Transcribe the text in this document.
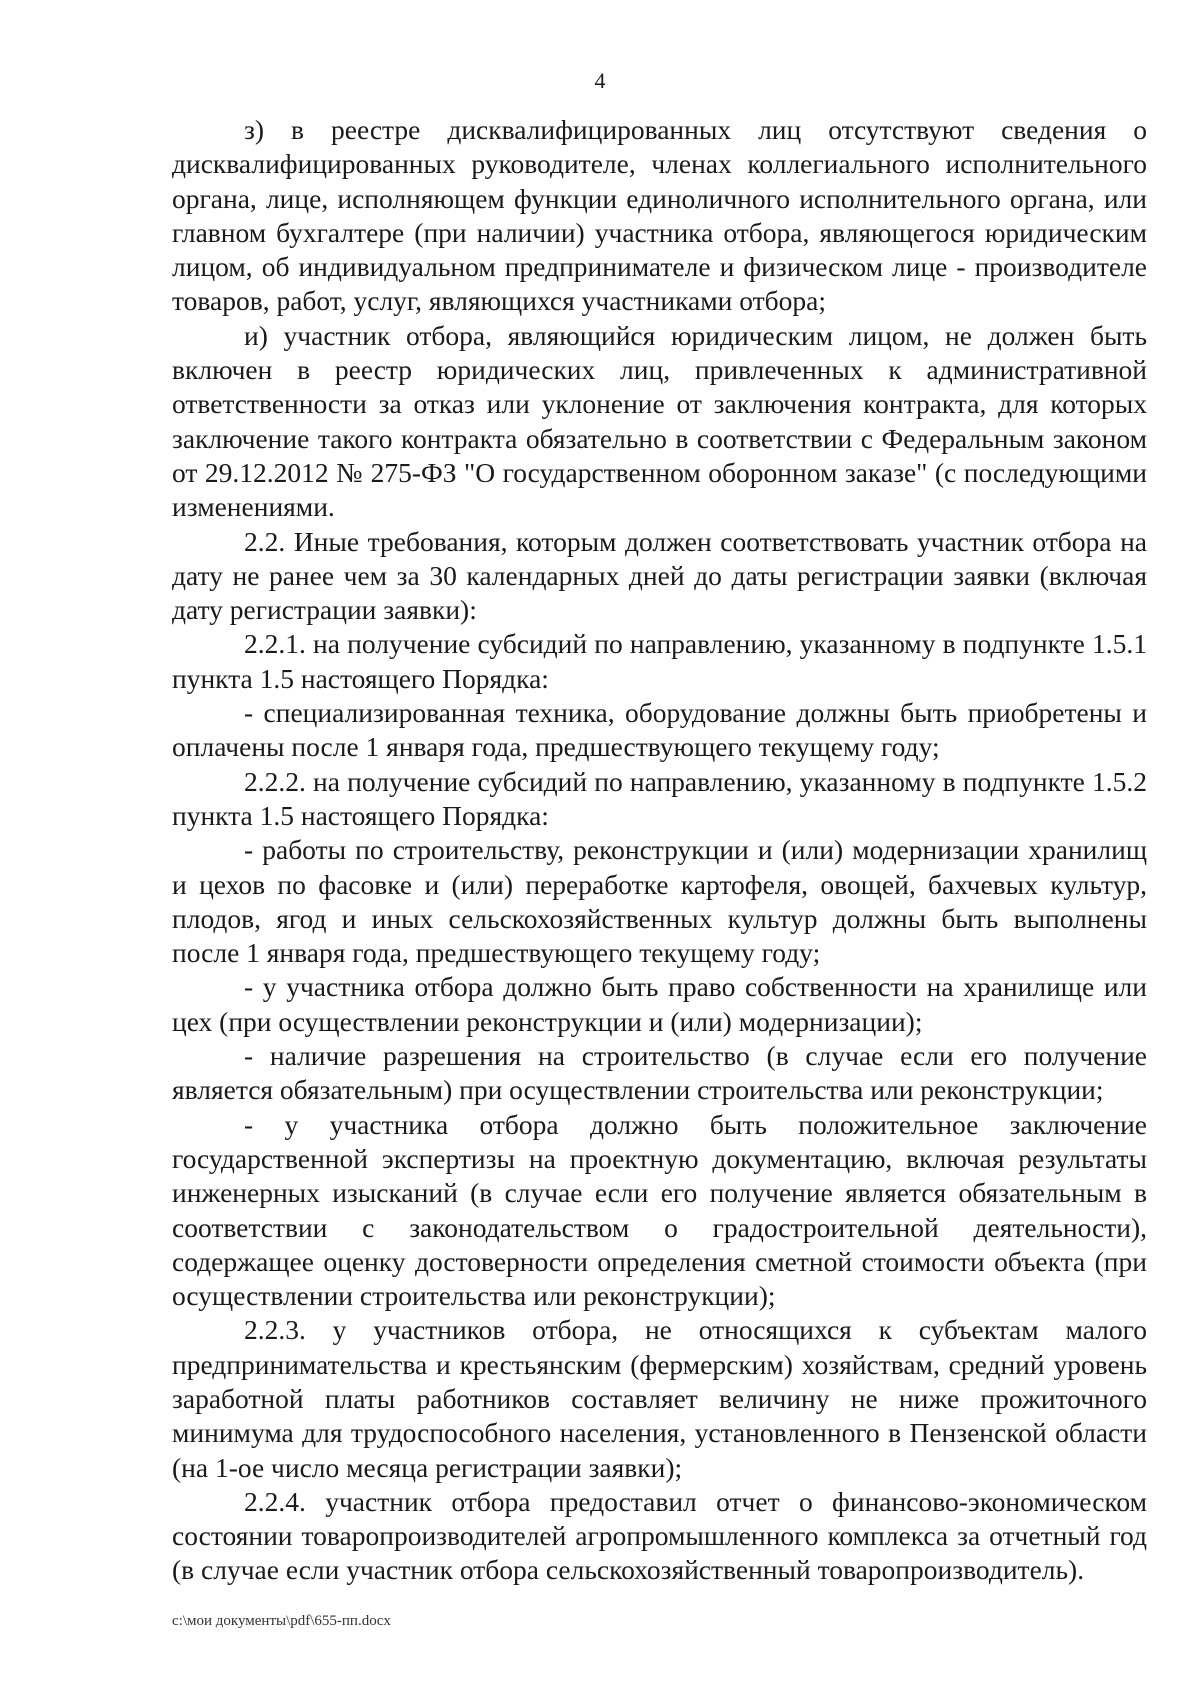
4

з) в реестре дисквалифицированных лиц отсутствуют сведения о дисквалифицированных руководителе, членах коллегиального исполнительного органа, лице, исполняющем функции единоличного исполнительного органа, или главном бухгалтере (при наличии) участника отбора, являющегося юридическим лицом, об индивидуальном предпринимателе и физическом лице - производителе товаров, работ, услуг, являющихся участниками отбора;

и) участник отбора, являющийся юридическим лицом, не должен быть включен в реестр юридических лиц, привлеченных к административной ответственности за отказ или уклонение от заключения контракта, для которых заключение такого контракта обязательно в соответствии с Федеральным законом от 29.12.2012 № 275-ФЗ "О государственном оборонном заказе" (с последующими изменениями.

2.2. Иные требования, которым должен соответствовать участник отбора на дату не ранее чем за 30 календарных дней до даты регистрации заявки (включая дату регистрации заявки):

2.2.1. на получение субсидий по направлению, указанному в подпункте 1.5.1 пункта 1.5 настоящего Порядка:

- специализированная техника, оборудование должны быть приобретены и оплачены после 1 января года, предшествующего текущему году;

2.2.2. на получение субсидий по направлению, указанному в подпункте 1.5.2 пункта 1.5 настоящего Порядка:

- работы по строительству, реконструкции и (или) модернизации хранилищ и цехов по фасовке и (или) переработке картофеля, овощей, бахчевых культур, плодов, ягод и иных сельскохозяйственных культур должны быть выполнены после 1 января года, предшествующего текущему году;

- у участника отбора должно быть право собственности на хранилище или цех (при осуществлении реконструкции и (или) модернизации);

- наличие разрешения на строительство (в случае если его получение является обязательным) при осуществлении строительства или реконструкции;

- у участника отбора должно быть положительное заключение государственной экспертизы на проектную документацию, включая результаты инженерных изысканий (в случае если его получение является обязательным в соответствии с законодательством о градостроительной деятельности), содержащее оценку достоверности определения сметной стоимости объекта (при осуществлении строительства или реконструкции);

2.2.3. у участников отбора, не относящихся к субъектам малого предпринимательства и крестьянским (фермерским) хозяйствам, средний уровень заработной платы работников составляет величину не ниже прожиточного минимума для трудоспособного населения, установленного в Пензенской области (на 1-ое число месяца регистрации заявки);

2.2.4. участник отбора предоставил отчет о финансово-экономическом состоянии товаропроизводителей агропромышленного комплекса за отчетный год (в случае если участник отбора сельскохозяйственный товаропроизводитель).

с:\мои документы\pdf\655-пп.docx
